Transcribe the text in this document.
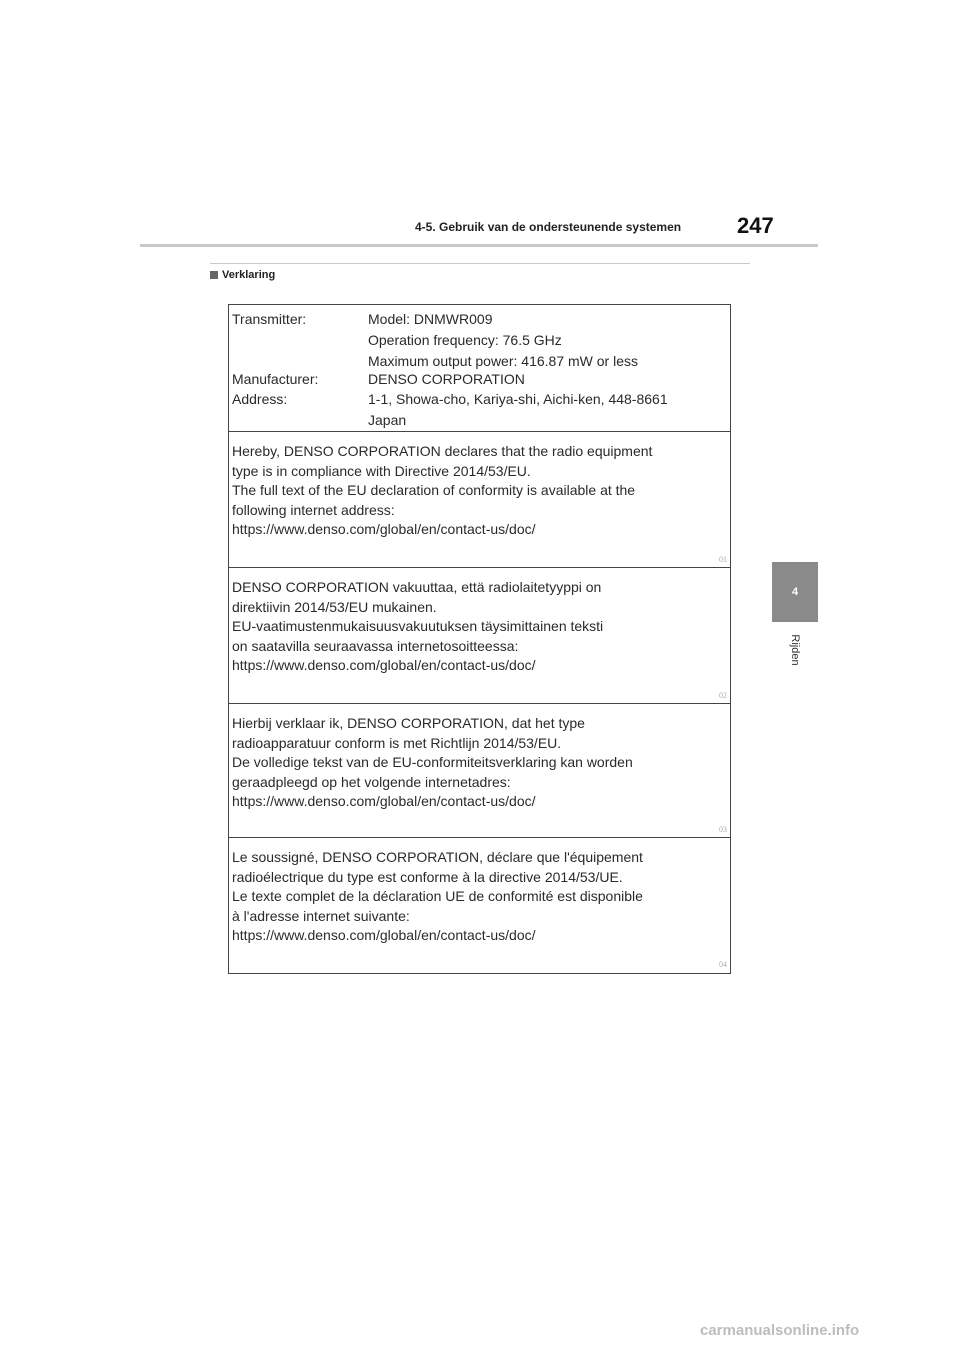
4-5. Gebruik van de ondersteunende systemen	247
Verklaring
4
Rijden
Transmitter:	Model: DNMWR009
Operation frequency: 76.5 GHz
Maximum output power: 416.87 mW or less
Manufacturer:	DENSO CORPORATION
Address:	1-1, Showa-cho, Kariya-shi, Aichi-ken, 448-8661
Japan
Hereby, DENSO CORPORATION declares that the radio equipment
type is in compliance with Directive 2014/53/EU.
The full text of the EU declaration of conformity is available at the
following internet address:
https://www.denso.com/global/en/contact-us/doc/
01
DENSO CORPORATION vakuuttaa, että radiolaitetyyppi on
direktiivin 2014/53/EU mukainen.
EU-vaatimustenmukaisuusvakuutuksen täysimittainen teksti
on saatavilla seuraavassa internetosoitteessa:
https://www.denso.com/global/en/contact-us/doc/
02
Hierbij verklaar ik, DENSO CORPORATION, dat het type
radioapparatuur conform is met Richtlijn 2014/53/EU.
De volledige tekst van de EU-conformiteitsverklaring kan worden
geraadpleegd op het volgende internetadres:
https://www.denso.com/global/en/contact-us/doc/
03
Le soussigné, DENSO CORPORATION, déclare que l'équipement
radioélectrique du type est conforme à la directive 2014/53/UE.
Le texte complet de la déclaration UE de conformité est disponible
à l'adresse internet suivante:
https://www.denso.com/global/en/contact-us/doc/
04
carmanualsonline.info
